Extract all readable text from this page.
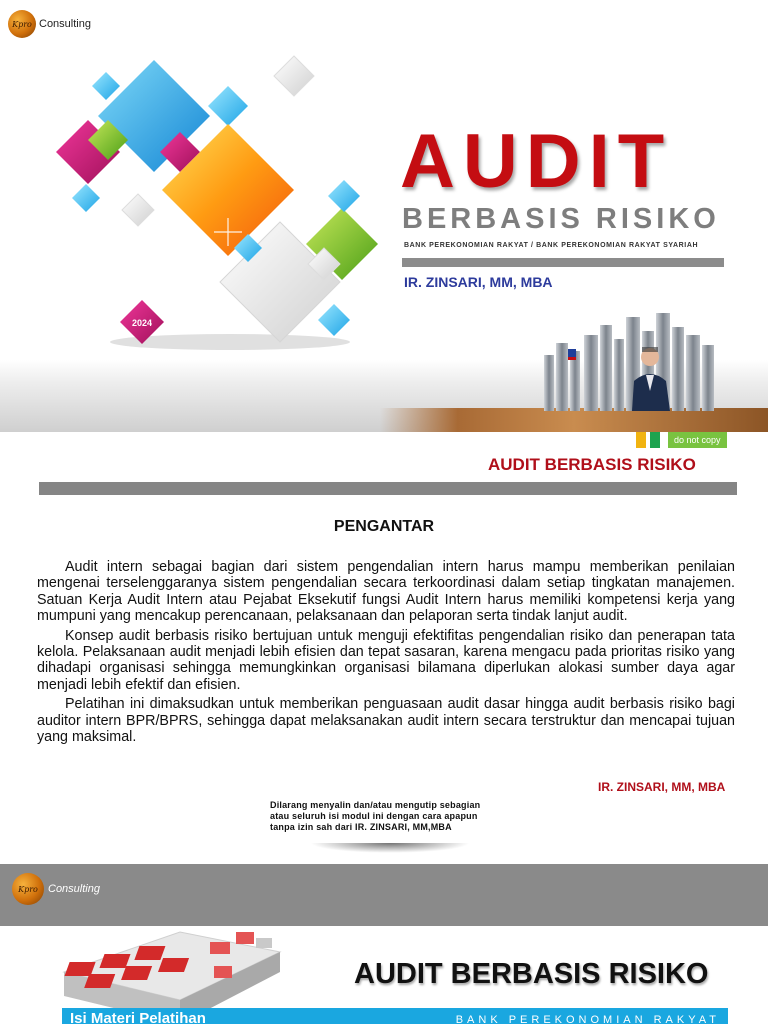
Kpro Consulting
2024
AUDIT
BERBASIS RISIKO
BANK PEREKONOMIAN RAKYAT / BANK PEREKONOMIAN RAKYAT SYARIAH
IR. ZINSARI, MM, MBA
do not copy
AUDIT BERBASIS RISIKO
PENGANTAR

Audit intern sebagai bagian dari sistem pengendalian intern harus mampu memberikan penilaian mengenai terselenggaranya sistem pengendalian secara terkoordinasi dalam setiap tingkatan manajemen. Satuan Kerja Audit Intern atau Pejabat Eksekutif fungsi Audit Intern harus memiliki kompetensi kerja yang mumpuni yang mencakup perencanaan, pelaksanaan dan pelaporan serta tindak lanjut audit.

Konsep audit berbasis risiko bertujuan untuk menguji efektifitas pengendalian risiko dan penerapan tata kelola. Pelaksanaan audit menjadi lebih efisien dan tepat sasaran, karena mengacu pada prioritas risiko yang dihadapi organisasi sehingga memungkinkan organisasi bilamana diperlukan alokasi sumber daya agar menjadi lebih efektif dan efisien.

Pelatihan ini dimaksudkan untuk memberikan penguasaan audit dasar hingga audit berbasis risiko bagi auditor intern BPR/BPRS, sehingga dapat melaksanakan audit intern secara terstruktur dan mencapai tujuan yang maksimal.

IR. ZINSARI, MM, MBA
Dilarang menyalin dan/atau mengutip sebagian atau seluruh isi modul ini dengan cara apapun tanpa izin sah dari IR. ZINSARI, MM,MBA
Kpro Consulting
AUDIT BERBASIS RISIKO
Isi Materi Pelatihan	BANK PEREKONOMIAN RAKYAT
